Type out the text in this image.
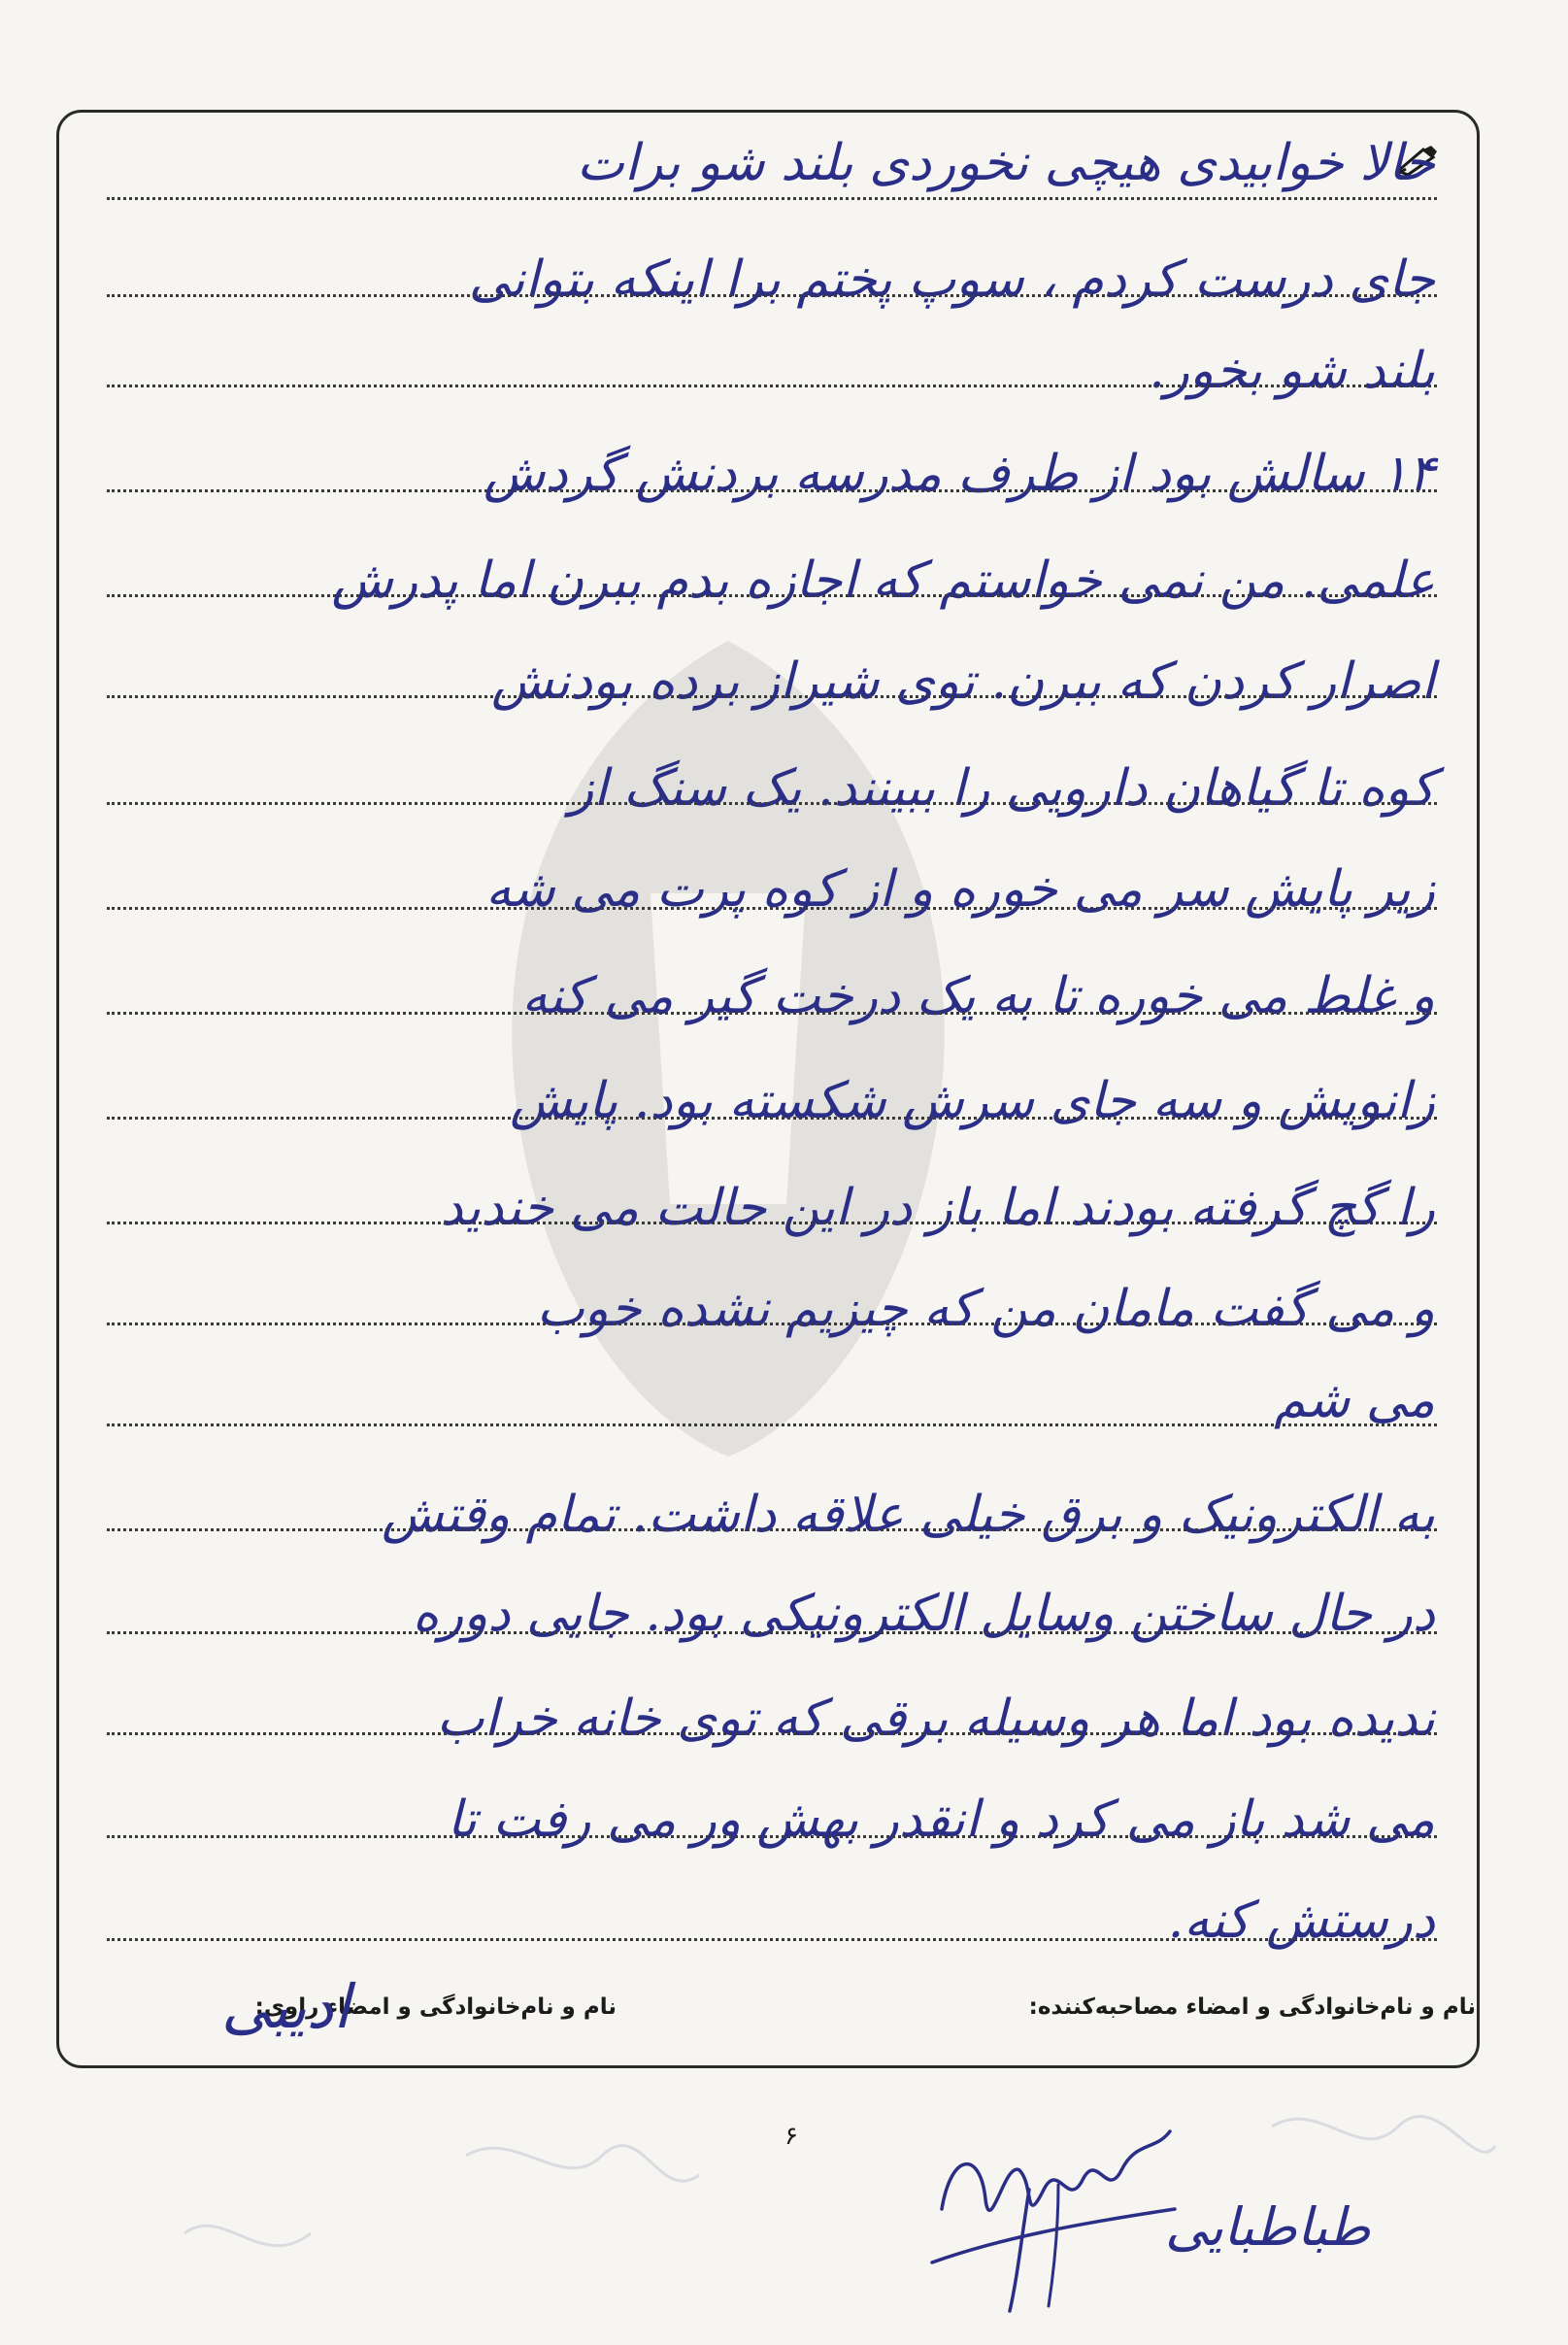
حالا خوابیدی هیچی نخوردی بلند شو برات
جای درست کردم ، سوپ پختم برا اینکه بتوانی
بلند شو بخور.
۱۴ سالش بود از طرف مدرسه بردنش گردش
علمی. من نمی خواستم که اجازه بدم ببرن اما پدرش
اصرار کردن که ببرن. توی شیراز برده بودنش
کوه تا گیاهان دارویی را ببینند. یک سنگ از
زیر پایش سر می خوره و از کوه پرت می شه
و غلط می خوره تا به یک درخت گیر می کنه
زانویش و سه جای سرش شکسته بود. پایش
را گچ گرفته بودند اما باز در این حالت می خندید
و می گفت مامان من که چیزیم نشده خوب
می شم
به الکترونیک و برق خیلی علاقه داشت. تمام وقتش
در حال ساختن وسایل الکترونیکی بود. جایی دوره
ندیده بود اما هر وسیله برقی که توی خانه خراب
می شد باز می کرد و انقدر بهش ور می رفت تا
درستش کنه.
نام و نام‌خانوادگی و امضاء مصاحبه‌کننده:
نام و نام‌خانوادگی و امضاء راوی:
ادیبی
۶
طباطبایی
